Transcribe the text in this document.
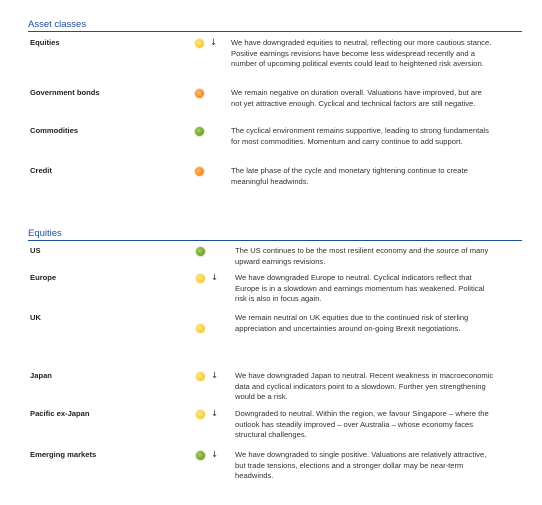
Asset classes
Equities	↓ We have downgraded equities to neutral, reflecting our more cautious stance. Positive earnings revisions have become less widespread recently and a number of upcoming political events could lead to heightened risk aversion.
Government bonds	We remain negative on duration overall. Valuations have improved, but are not yet attractive enough. Cyclical and technical factors are still negative.
Commodities	The cyclical environment remains supportive, leading to strong fundamentals for most commodities. Momentum and carry continue to add support.
Credit	The late phase of the cycle and monetary tightening continue to create meaningful headwinds.
Equities
US	The US continues to be the most resilient economy and the source of many upward earnings revisions.
Europe	↓ We have downgraded Europe to neutral. Cyclical indicators reflect that Europe is in a slowdown and earnings momentum has weakened. Political risk is also in focus again.
UK	We remain neutral on UK equities due to the continued risk of sterling appreciation and uncertainties around on-going Brexit negotiations.
Japan	↓ We have downgraded Japan to neutral. Recent weakness in macroeconomic data and cyclical indicators point to a slowdown. Further yen strengthening would be a risk.
Pacific ex-Japan	↓ Downgraded to neutral. Within the region, we favour Singapore – where the outlook has steadily improved – over Australia – whose economy faces structural challenges.
Emerging markets	↓ We have downgraded to single positive. Valuations are relatively attractive, but trade tensions, elections and a stronger dollar may be near-term headwinds.
